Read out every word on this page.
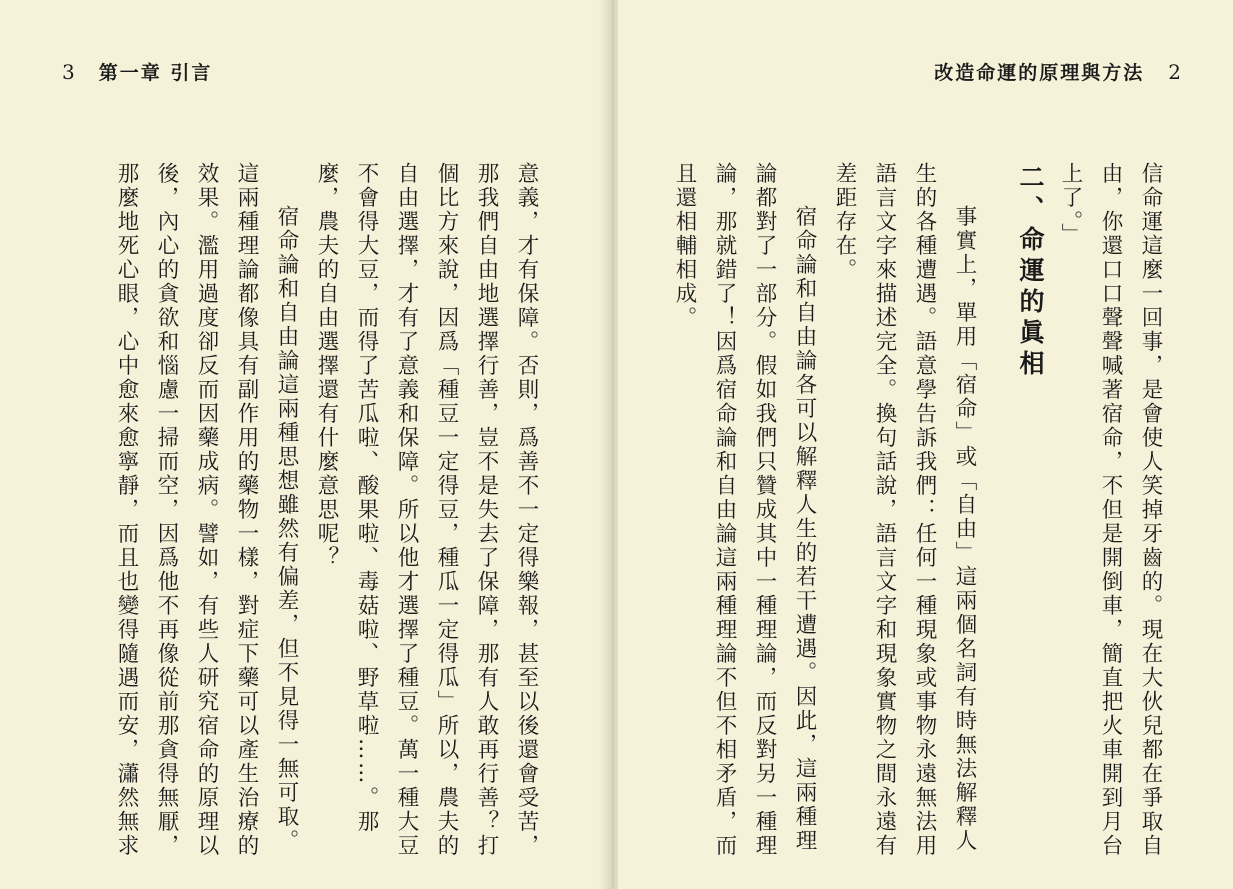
3 第一章 引言

意義，才有保障。否則，爲善不一定得樂報，甚至以後還會受苦，那我們自由地選擇行善，豈不是失去了保障，那有人敢再行善？打個比方來說，因爲「種豆一定得豆，種瓜一定得瓜」所以，農夫的自由選擇，才有了意義和保障。所以他才選擇了種豆。萬一種大豆不會得大豆，而得了苦瓜啦、酸果啦、毒菇啦、野草啦……。那麼，農夫的自由選擇還有什麼意思呢？

宿命論和自由論這兩種思想雖然有偏差，但不見得一無可取。這兩種理論都像具有副作用的藥物一樣，對症下藥可以產生治療的效果。濫用過度卻反而因藥成病。譬如，有些人研究宿命的原理以後，內心的貪欲和惱慮一掃而空，因爲他不再像從前那貪得無厭，那麼地死心眼，心中愈來愈寧靜，而且也變得隨遇而安，瀟然無求

改造命運的原理與方法 2

信命運這麼一回事，是會使人笑掉牙齒的。現在大伙兒都在爭取自由，你還口口聲聲喊著宿命，不但是開倒車，簡直把火車開到月台上了。」

二、命運的眞相

事實上，單用「宿命」或「自由」這兩個名詞有時無法解釋人生的各種遭遇。語意學告訴我們：任何一種現象或事物永遠無法用語言文字來描述完全。換句話說，語言文字和現象實物之間永遠有差距存在。

宿命論和自由論各可以解釋人生的若干遭遇。因此，這兩種理論都對了一部分。假如我們只贊成其中一種理論，而反對另一種理論，那就錯了！因爲宿命論和自由論這兩種理論不但不相矛盾，而且還相輔相成。
